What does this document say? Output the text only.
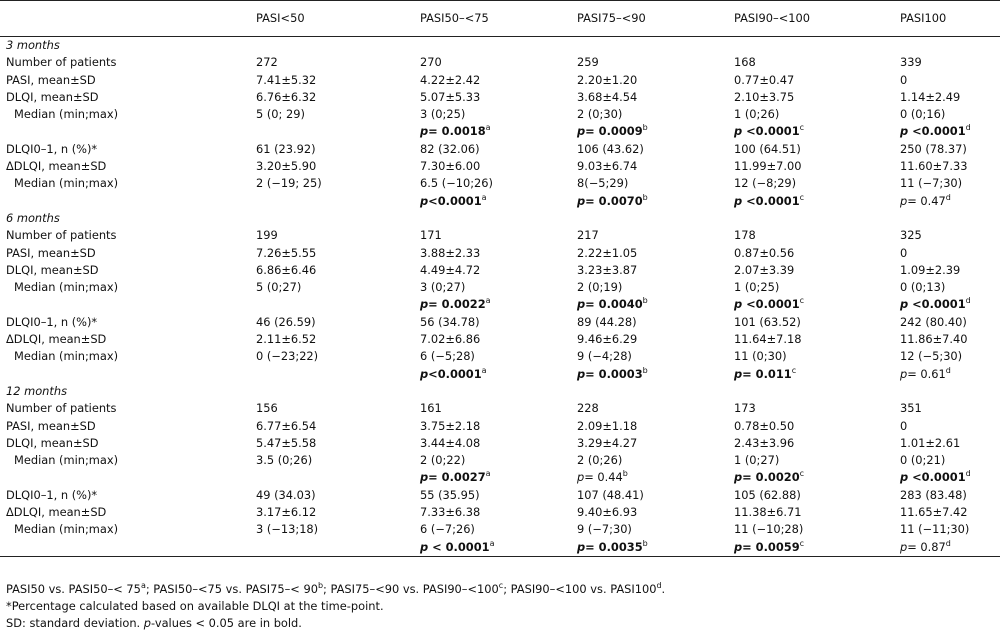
	PASI<50	PASI50–<75	PASI75–<90	PASI90–<100	PASI100
3 months					
Number of patients	272	270	259	168	339
PASI, mean±SD	7.41±5.32	4.22±2.42	2.20±1.20	0.77±0.47	0
DLQI, mean±SD	6.76±6.32	5.07±5.33	3.68±4.54	2.10±3.75	1.14±2.49
Median (min;max)	5 (0; 29)	3 (0;25)	2 (0;30)	1 (0;26)	0 (0;16)
		p= 0.0018$^a$	p= 0.0009$^b$	p <0.0001$^c$	p <0.0001$^d$
DLQI0–1, n (%)*	61 (23.92)	82 (32.06)	106 (43.62)	100 (64.51)	250 (78.37)
ΔDLQI, mean±SD	3.20±5.90	7.30±6.00	9.03±6.74	11.99±7.00	11.60±7.33
Median (min;max)	2 (−19; 25)	6.5 (−10;26)	8(−5;29)	12 (−8;29)	11 (−7;30)
		p<0.0001$^a$	p= 0.0070$^b$	p <0.0001$^c$	p= 0.47$^d$
6 months					
Number of patients	199	171	217	178	325
PASI, mean±SD	7.26±5.55	3.88±2.33	2.22±1.05	0.87±0.56	0
DLQI, mean±SD	6.86±6.46	4.49±4.72	3.23±3.87	2.07±3.39	1.09±2.39
Median (min;max)	5 (0;27)	3 (0;27)	2 (0;19)	1 (0;25)	0 (0;13)
		p= 0.0022$^a$	p= 0.0040$^b$	p <0.0001$^c$	p <0.0001$^d$
DLQI0–1, n (%)*	46 (26.59)	56 (34.78)	89 (44.28)	101 (63.52)	242 (80.40)
ΔDLQI, mean±SD	2.11±6.52	7.02±6.86	9.46±6.29	11.64±7.18	11.86±7.40
Median (min;max)	0 (−23;22)	6 (−5;28)	9 (−4;28)	11 (0;30)	12 (−5;30)
		p<0.0001$^a$	p= 0.0003$^b$	p= 0.011$^c$	p= 0.61$^d$
12 months					
Number of patients	156	161	228	173	351
PASI, mean±SD	6.77±6.54	3.75±2.18	2.09±1.18	0.78±0.50	0
DLQI, mean±SD	5.47±5.58	3.44±4.08	3.29±4.27	2.43±3.96	1.01±2.61
Median (min;max)	3.5 (0;26)	2 (0;22)	2 (0;26)	1 (0;27)	0 (0;21)
		p= 0.0027$^a$	p= 0.44$^b$	p= 0.0020$^c$	p <0.0001$^d$
DLQI0–1, n (%)*	49 (34.03)	55 (35.95)	107 (48.41)	105 (62.88)	283 (83.48)
ΔDLQI, mean±SD	3.17±6.12	7.33±6.38	9.40±6.93	11.38±6.71	11.65±7.42
Median (min;max)	3 (−13;18)	6 (−7;26)	9 (−7;30)	11 (−10;28)	11 (−11;30)
		p < 0.0001$^a$	p= 0.0035$^b$	p= 0.0059$^c$	p= 0.87$^d$
PASI50 vs. PASI50–< $75^a$; PASI50–<75 vs. PASI75–< $90^b$; PASI75–<90 vs. $PASI90-<100^c$; PASI90–<100 vs. PASI100$^d$.
*Percentage calculated based on available DLQI at the time-point.
SD: standard deviation. p-values < 0.05 are in bold.
